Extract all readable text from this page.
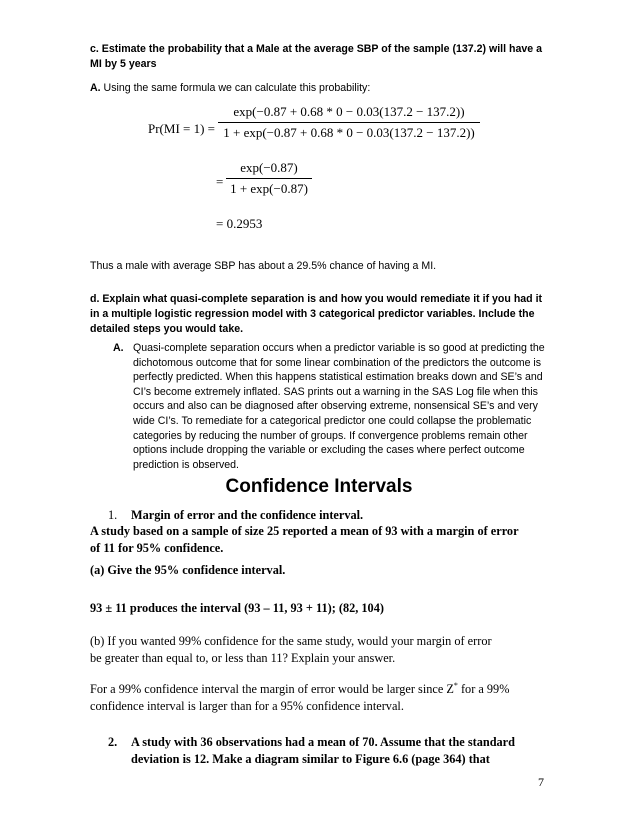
c. Estimate the probability that a Male at the average SBP of the sample (137.2) will have a MI by 5 years
A. Using the same formula we can calculate this probability:
Pr(MI = 1) =
exp(−0.87 + 0.68 * 0 − 0.03(137.2 − 137.2))
1 + exp(−0.87 + 0.68 * 0 − 0.03(137.2 − 137.2))
=
exp(−0.87)
1 + exp(−0.87)
= 0.2953
Thus a male with average SBP has about a 29.5% chance of having a MI.
d. Explain what quasi-complete separation is and how you would remediate it if you had it in a multiple logistic regression model with 3 categorical predictor variables. Include the detailed steps you would take.
A. Quasi-complete separation occurs when a predictor variable is so good at predicting the
dichotomous outcome that for some linear combination of the predictors the outcome is
perfectly predicted. When this happens statistical estimation breaks down and SE’s and
CI’s become extremely inflated. SAS prints out a warning in the SAS Log file when this
occurs and also can be diagnosed after observing extreme, nonsensical SE’s and very
wide CI’s. To remediate for a categorical predictor one could collapse the problematic
categories by reducing the number of groups. If convergence problems remain other
options include dropping the variable or excluding the cases where perfect outcome
prediction is observed.
Confidence Intervals
1. Margin of error and the confidence interval.
A study based on a sample of size 25 reported a mean of 93 with a margin of error
of 11 for 95% confidence.
(a) Give the 95% confidence interval.
93 ± 11 produces the interval (93 – 11, 93 + 11); (82, 104)
(b) If you wanted 99% confidence for the same study, would your margin of error
be greater than equal to, or less than 11? Explain your answer.
For a 99% confidence interval the margin of error would be larger since Z* for a 99%
confidence interval is larger than for a 95% confidence interval.
2. A study with 36 observations had a mean of 70. Assume that the standard
deviation is 12. Make a diagram similar to Figure 6.6 (page 364) that
7
